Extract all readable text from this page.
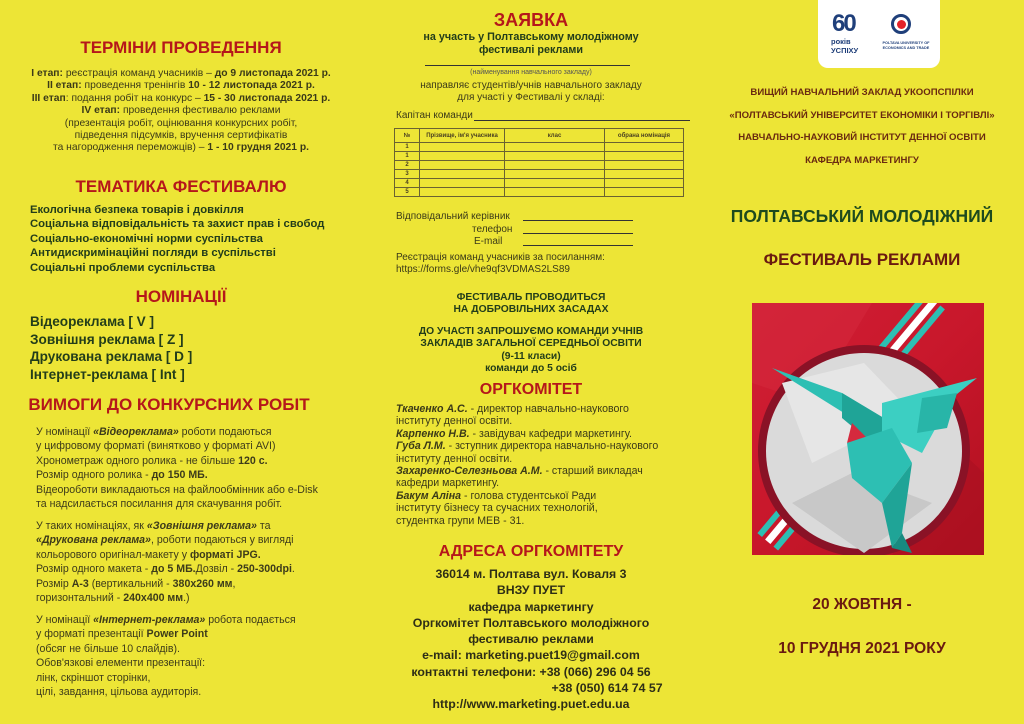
ТЕРМІНИ ПРОВЕДЕННЯ
I етап: реєстрація команд учасників – до 9 листопада 2021 р.
II етап: проведення тренінгів 10 - 12 листопада 2021 р.
III етап: подання робіт на конкурс – 15 - 30 листопада 2021 р.
IV етап: проведення фестивалю реклами
(презентація робіт, оцінювання конкурсних робіт,
підведення підсумків, вручення сертифікатів
та нагородження переможців) – 1 - 10 грудня 2021 р.
ТЕМАТИКА ФЕСТИВАЛЮ
Екологічна безпека товарів і довкілля
Соціальна відповідальність та захист прав і свобод
Соціально-економічні норми суспільства
Антидискримінаційні погляди в суспільстві
Соціальні проблеми суспільства
НОМІНАЦІЇ
Відеореклама [ V ]
Зовнішня реклама [ Z ]
Друкована реклама [ D ]
Інтернет-реклама [ Int ]
ВИМОГИ ДО КОНКУРСНИХ РОБІТ
У номінації «Відеореклама» роботи подаються
у цифровому форматі (винятково у форматі AVI)
Хронометраж одного ролика - не більше 120 с.
Розмір одного ролика - до 150 МБ.
Відеороботи викладаються на файлообмінник або e-Disk
та надсилається посилання для скачування робіт.
У таких номінаціях, як «Зовнішня реклама» та
«Друкована реклама», роботи подаються у вигляді
кольорового оригінал-макету у форматі JPG.
Розмір одного макета - до 5 МБ.Дозвіл - 250-300dpi.
Розмір А-3 (вертикальний - 380x260 мм,
горизонтальний - 240x400 мм.)
У номінації «Інтернет-реклама» робота подається
у форматі презентації Power Point
(обсяг не більше 10 слайдів).
Обов'язкові елементи презентації:
лінк, скріншот сторінки,
цілі, завдання, цільова аудиторія.
ЗАЯВКА
на участь у Полтавському молодіжному
фестивалі реклами
(найменування навчального закладу)
направляє студентів/учнів навчального закладу
для участі у Фестивалі у складі:
Капітан команди
№	Прізвище, ім'я учасника	клас	обрана номінація
1			
1			
2			
3			
4			
5			
Відповідальний керівник
телефон
E-mail
Реєстрація команд учасників за посиланням:
https://forms.gle/vhe9qf3VDMAS2LS89
ФЕСТИВАЛЬ ПРОВОДИТЬСЯ
НА ДОБРОВІЛЬНИХ ЗАСАДАХ
ДО УЧАСТІ ЗАПРОШУЄМО КОМАНДИ УЧНІВ
ЗАКЛАДІВ ЗАГАЛЬНОЇ СЕРЕДНЬОЇ ОСВІТИ
(9-11 класи)
команди до 5 осіб
ОРГКОМІТЕТ
Ткаченко А.С. - директор навчально-наукового
інституту денної освіти.
Карпенко Н.В. - завідувач кафедри маркетингу.
Губа Л.М. - зступник директора навчально-наукового
інституту денної освіти.
Захаренко-Селезньова А.М. - старший викладач
кафедри маркетингу.
Бакум Аліна - голова студентської Ради
інституту бізнесу та сучасних технологій,
студентка групи МЕВ - 31.
АДРЕСА ОРГКОМІТЕТУ
36014 м. Полтава вул. Коваля 3
ВНЗУ ПУЕТ
кафедра маркетингу
Оргкомітет Полтавського молодіжного
фестивалю реклами
e-mail: marketing.puet19@gmail.com
контактні телефони: +38 (066) 296 04 56
+38 (050) 614 74 57
http://www.marketing.puet.edu.ua
60
років
УСПІХУ
POLTAVA UNIVERSITY OF ECONOMICS AND TRADE
ВИЩИЙ НАВЧАЛЬНИЙ ЗАКЛАД УКООПСПІЛКИ
«ПОЛТАВСЬКИЙ УНІВЕРСИТЕТ ЕКОНОМІКИ І ТОРГІВЛІ»
НАВЧАЛЬНО-НАУКОВИЙ ІНСТИТУТ ДЕННОЇ ОСВІТИ
КАФЕДРА МАРКЕТИНГУ
ПОЛТАВСЬКИЙ МОЛОДІЖНИЙ
ФЕСТИВАЛЬ РЕКЛАМИ
20 ЖОВТНЯ -
10 ГРУДНЯ 2021 РОКУ
